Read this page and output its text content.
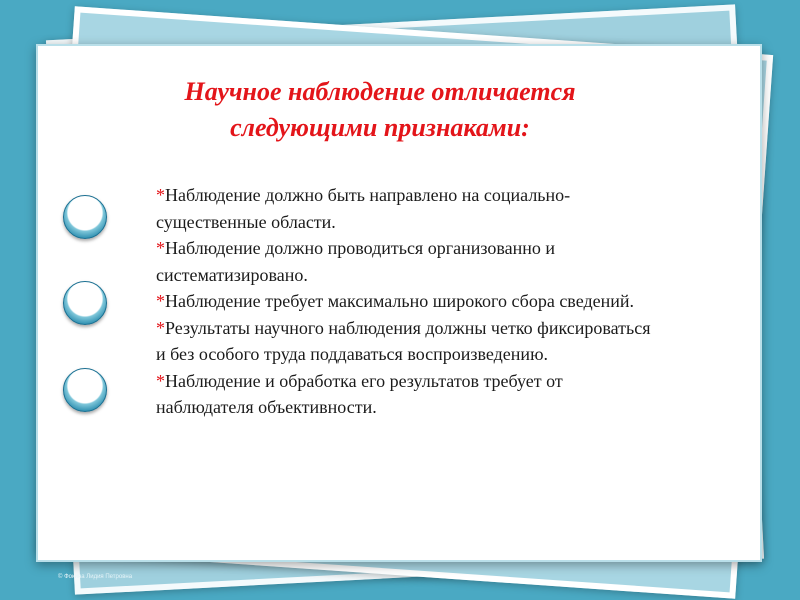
Научное наблюдение отличается
следующими признаками:

*Наблюдение должно быть направлено на социально-существенные области.

*Наблюдение должно проводиться организованно и систематизировано.

*Наблюдение требует максимально широкого сбора сведений.

*Результаты научного наблюдения должны четко фиксироваться и без особого труда поддаваться воспроизведению.

*Наблюдение и обработка его результатов требует от наблюдателя объективности.

© Фокина Лидия Петровна
